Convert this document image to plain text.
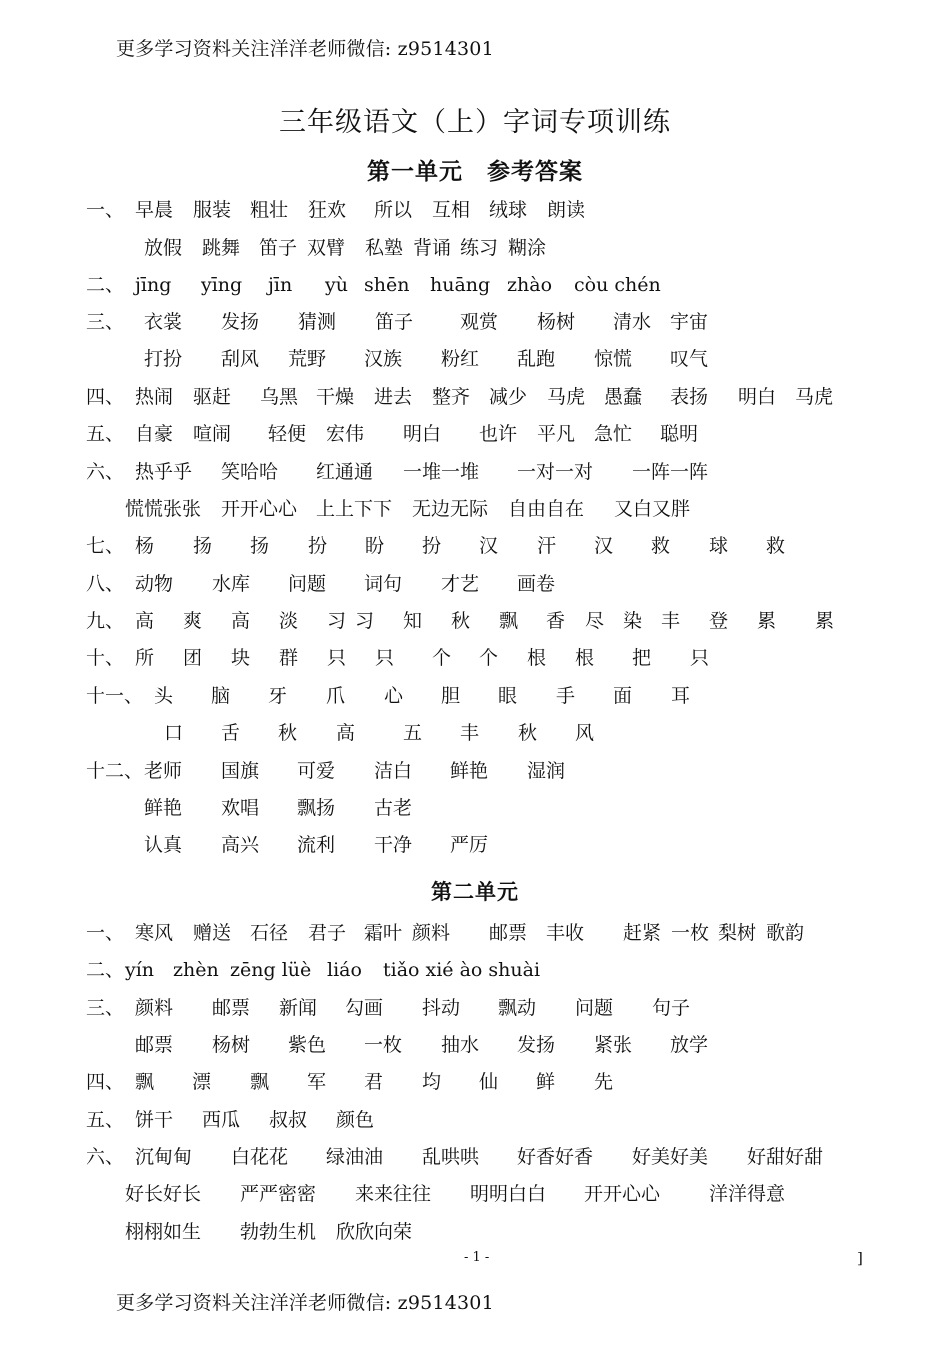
更多学习资料关注洋洋老师微信: z9514301
三年级语文（上）字词专项训练
第一单元　参考答案
一、 早晨 服装 粗壮 狂欢 所以 互相 绒球 朗读
放假 跳舞 笛子 双臂 私塾 背诵 练习 糊涂
二、 jīng yīng jīn yù shēn huāng zhào còu chén
三、 衣裳 发扬 猜测 笛子 观赏 杨树 清水 宇宙
打扮 刮风 荒野 汉族 粉红 乱跑 惊慌 叹气
四、 热闹 驱赶 乌黑 干燥 进去 整齐 减少 马虎 愚蠢 表扬 明白 马虎
五、 自豪 喧闹 轻便 宏伟 明白 也许 平凡 急忙 聪明
六、 热乎乎 笑哈哈 红通通 一堆一堆 一对一对 一阵一阵
慌慌张张 开开心心 上上下下 无边无际 自由自在 又白又胖
七、 杨 扬 扬 扮 盼 扮 汉 汗 汉 救 球 救
八、 动物 水库 问题 词句 才艺 画卷
九、 高 爽 高 淡 习 习 知 秋 飘 香 尽 染 丰 登 累 累
十、 所 团 块 群 只 只 个 个 根 根 把 只
十一、 头 脑 牙 爪 心 胆 眼 手 面 耳
口 舌 秋 高	五 丰 秋 风
十二、 老师 国旗 可爱 洁白 鲜艳 湿润
鲜艳 欢唱 飘扬 古老
认真 高兴 流利 干净 严厉
第二单元
一、 寒风 赠送 石径 君子 霜叶 颜料 邮票 丰收 赶紧 一枚 梨树 歌韵
二、 yín zhèn zēng lüè liáo tiǎo xié ào shuài
三、 颜料 邮票 新闻 勾画 抖动 飘动 问题 句子
邮票 杨树 紫色 一枚 抽水 发扬 紧张 放学
四、 飘 漂 飘 军 君 均 仙 鲜 先
五、 饼干 西瓜 叔叔 颜色
六、 沉甸甸 白花花 绿油油 乱哄哄 好香好香 好美好美 好甜好甜
好长好长 严严密密 来来往往 明明白白 开开心心	洋洋得意
栩栩如生 勃勃生机 欣欣向荣
- 1 -	]
更多学习资料关注洋洋老师微信: z9514301
